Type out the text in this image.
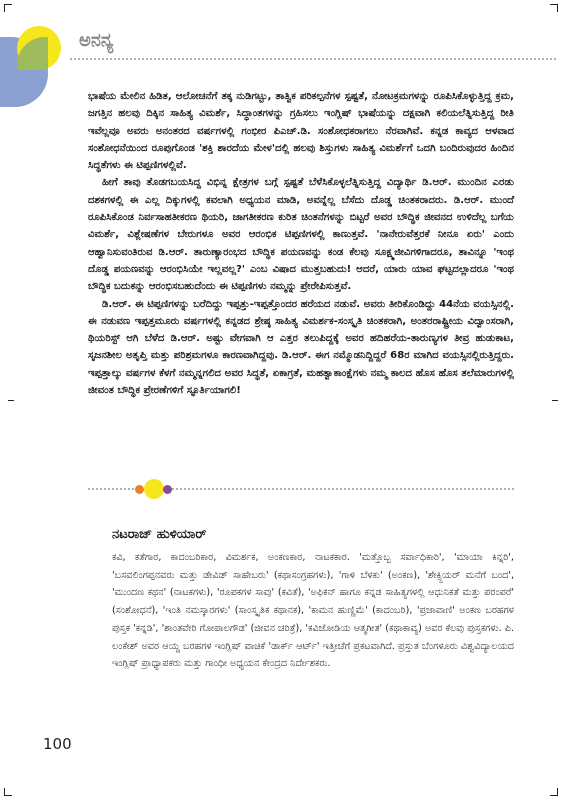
ಅನನ್ಯ

ಭಾಷೆಯ ಮೇಲಿನ ಹಿಡಿತ, ಆಲೋಚನೆಗೆ ತಕ್ಕ ನುಡಿಗಟ್ಟು, ತಾತ್ವಿಕ ಪರಿಕಲ್ಪನೆಗಳ ಸ್ಪಷ್ಟತೆ, ನೋಟಕ್ರಮಗಳನ್ನು ರೂಪಿಸಿಕೊಳ್ಳುತ್ತಿದ್ದ ಕ್ರಮ, ಜಗತ್ತಿನ ಹಲವು ದಿಕ್ಕಿನ ಸಾಹಿತ್ಯ ವಿಮರ್ಶೆ, ಸಿದ್ಧಾಂತಗಳನ್ನು ಗ್ರಹಿಸಲು ಇಂಗ್ಲಿಷ್ ಭಾಷೆಯನ್ನು ದಕ್ಷವಾಗಿ ಕಲಿಯಲೆತ್ನಿಸುತ್ತಿದ್ದ ರೀತಿ ಇವೆಲ್ಲವೂ ಅವರು ಅನಂತರದ ವರ್ಷಗಳಲ್ಲಿ ಗಂಭೀರ ಪಿಎಚ್.ಡಿ. ಸಂಶೋಧಕರಾಗಲು ನೆರವಾಗಿವೆ. ಕನ್ನಡ ಕಾವ್ಯದ ಆಳವಾದ ಸಂಶೋಧನೆಯಿಂದ ರೂಪುಗೊಂಡ 'ಶಕ್ತಿ ಶಾರದೆಯ ಮೇಳ'ದಲ್ಲಿ ಹಲವು ಶಿಸ್ತುಗಳು ಸಾಹಿತ್ಯ ವಿಮರ್ಶೆಗೆ ಒದಗಿ ಬಂದಿರುವುದರ ಹಿಂದಿನ ಸಿದ್ಧತೆಗಳು ಈ ಟಿಪ್ಪಣಿಗಳಲ್ಲಿವೆ.

ಹೀಗೆ ತಾವು ತೊಡಗಬಯಸಿದ್ದ ವಿಭಿನ್ನ ಕ್ಷೇತ್ರಗಳ ಬಗ್ಗೆ ಸ್ಪಷ್ಟತೆ ಬೆಳೆಸಿಕೊಳ್ಳಲೆತ್ನಿಸುತ್ತಿದ್ದ ವಿದ್ಯಾರ್ಥಿ ಡಿ.ಆರ್. ಮುಂದಿನ ಎರಡು ದಶಕಗಳಲ್ಲಿ ಈ ಎಲ್ಲ ದಿಕ್ಕುಗಳಲ್ಲಿ ಕವಲಾಗಿ ಅಧ್ಯಯನ ಮಾಡಿ, ಅವನ್ನೆಲ್ಲ ಬೆಸೆದು ದೊಡ್ಡ ಚಿಂತಕರಾದರು. ಡಿ.ಆರ್. ಮುಂದೆ ರೂಪಿಸಿಕೊಂಡ ನಿರ್ವಸಾಹತೀಕರಣ ಥಿಯರಿ, ಜಾಗತೀಕರಣ ಕುರಿತ ಚಿಂತನೆಗಳನ್ನು ಬಿಟ್ಟರೆ ಅವರ ಬೌದ್ಧಿಕ ಜೀವನದ ಉಳಿದೆಲ್ಲ ಬಗೆಯ ವಿಮರ್ಶೆ, ವಿಶ್ಲೇಷಣೆಗಳ ಬೇರುಗಳೂ ಅವರ ಆರಂಭಿಕ ಟಿಪ್ಪಣಿಗಳಲ್ಲಿ ಕಾಣುತ್ತವೆ. 'ನಾನೇರುವೆತ್ತರಕೆ ನೀನೂ ಏರು' ಎಂದು ಆಹ್ವಾನಿಸುವಂತಿರುವ ಡಿ.ಆರ್. ತಾರುಣ್ಯಾರಂಭದ ಬೌದ್ಧಿಕ ಪಯಣವನ್ನು ಕಂಡ ಕೆಲವು ಸೂಕ್ಷ್ಮಜೀವಿಗಳಿಗಾದರೂ, ತಾವಿನ್ನೂ 'ಇಂಥ ದೊಡ್ಡ ಪಯಣವನ್ನು ಆರಂಭಿಸಿಯೇ ಇಲ್ಲವಲ್ಲ?' ಎಂಬ ವಿಷಾದ ಮುತ್ತಬಹುದು! ಆದರೆ, ಯಾರು ಯಾವ ಘಟ್ಟದಲ್ಲಾದರೂ 'ಇಂಥ ಬೌದ್ಧಿಕ ಬದುಕನ್ನು ಆರಂಭಿಸಬಹುದೆಂದು ಈ ಟಿಪ್ಪಣಿಗಳು ನಮ್ಮನ್ನು ಪ್ರೇರೇಪಿಸುತ್ತವೆ.

ಡಿ.ಆರ್. ಈ ಟಿಪ್ಪಣಿಗಳನ್ನು ಬರೆದಿದ್ದು ಇಪ್ಪತ್ತು-ಇಪ್ಪತ್ತೊಂದರ ಹರೆಯದ ನಡುವೆ. ಅವರು ತೀರಿಕೊಂಡಿದ್ದು 44ನೆಯ ವಯಸ್ಸಿನಲ್ಲಿ. ಈ ನಡುವಣ ಇಪ್ಪತ್ತಮೂರು ವರ್ಷಗಳಲ್ಲಿ ಕನ್ನಡದ ಶ್ರೇಷ್ಠ ಸಾಹಿತ್ಯ ವಿಮರ್ಶಕ-ಸಂಸ್ಕೃತಿ ಚಿಂತಕರಾಗಿ, ಅಂತರರಾಷ್ಟ್ರೀಯ ವಿದ್ವಾಂಸರಾಗಿ, ಥಿಯರಿಸ್ಟ್ ಆಗಿ ಬೆಳೆದ ಡಿ.ಆರ್. ಅಷ್ಟು ವೇಗವಾಗಿ ಆ ಎತ್ತರ ತಲುಪಿದ್ದಕ್ಕೆ ಅವರ ಹದಿಹರೆಯ-ತಾರುಣ್ಯಗಳ ತೀವ್ರ ಹುಡುಕಾಟ, ಸೃಜನಶೀಲ ಅತೃಪ್ತಿ ಮತ್ತು ಪರಿಶ್ರಮಗಳೂ ಕಾರಣವಾಗಿದ್ದವು. ಡಿ.ಆರ್. ಈಗ ನಮ್ಮೊಡನಿದ್ದಿದ್ದರೆ 68ರ ಮಾಗಿದ ವಯಸ್ಸಿನಲ್ಲಿರುತ್ತಿದ್ದರು. ಇಪ್ಪತ್ತಾಲ್ಕು ವರ್ಷಗಳ ಕೆಳಗೆ ನಮ್ಮನ್ನಗಲಿದ ಅವರ ಸಿದ್ಧತೆ, ಏಕಾಗ್ರತೆ, ಮಹತ್ವಾಕಾಂಕ್ಷೆಗಳು ನಮ್ಮ ಕಾಲದ ಹೊಸ ಹೊಸ ತಲೆಮಾರುಗಳಲ್ಲಿ ಜೀವಂತ ಬೌದ್ಧಿಕ ಪ್ರೇರಣೆಗಳಿಗೆ ಸ್ಫೂರ್ತಿಯಾಗಲಿ!

ನಟರಾಜ್ ಹುಳಿಯಾರ್

ಕವಿ, ಕತೆಗಾರ, ಕಾದಂಬರಿಕಾರ, ವಿಮರ್ಶಕ, ಅಂಕಣಕಾರ, ನಾಟಕಕಾರ. 'ಮತ್ತೊಬ್ಬ ಸರ್ವಾಧಿಕಾರಿ', 'ಮಾಯಾ ಕಿನ್ನರಿ', 'ಬಸವಲಿಂಗಪ್ಪನವರು ಮತ್ತು ಡೇವಿಡ್ ಸಾಹೇಬರು' (ಕಥಾಸಂಗ್ರಹಗಳು), 'ಗಾಳಿ ಬೆಳಕು' (ಅಂಕಣ), 'ಶೇಕ್ಸ್ಪಿಯರ್ ಮನೆಗೆ ಬಂದ', 'ಮುಂದಣ ಕಥನ' (ನಾಟಕಗಳು), 'ರೂಪಕಗಳ ಸಾವು' (ಕವಿತೆ), 'ಅಫಿಕನ್ ಹಾಗೂ ಕನ್ನಡ ಸಾಹಿತ್ಯಗಳಲ್ಲಿ ಆಧುನಿಕತೆ ಮತ್ತು ಪರಂಪರೆ' (ಸಂಶೋಧನೆ), 'ಇಂತಿ ನಮಸ್ಕಾರಗಳು' (ಸಾಂಸ್ಕೃತಿಕ ಕಥಾನಕ), 'ಕಾಮನ ಹುಣ್ಣಿಮೆ' (ಕಾದಂಬರಿ), 'ಪ್ರಜಾವಾಣಿ' ಅಂಕಣ ಬರಹಗಳ ಪುಸ್ತಕ 'ಕನ್ನಡಿ', 'ಶಾಂತವೇರಿ ಗೋಪಾಲಗೌಡ' (ಜೀವನ ಚರಿತ್ರೆ), 'ಕವಿಜೋಡಿಯ ಆತ್ಮಗೀತ' (ಕಥಾಕಾವ್ಯ) ಅವರ ಕೆಲವು ಪುಸ್ತಕಗಳು. ಪಿ. ಲಂಕೇಶ್ ಅವರ ಆಯ್ದ ಬರಹಗಳ ಇಂಗ್ಲಿಷ್ ವಾಚಿಕೆ 'ಡಾರ್ಕ್ ಆರ್ಟ್' ಇತ್ತೀಚೆಗೆ ಪ್ರಕಟವಾಗಿದೆ. ಪ್ರಸ್ತುತ ಬೆಂಗಳೂರು ವಿಶ್ವವಿದ್ಯಾಲಯದ ಇಂಗ್ಲಿಷ್ ಪ್ರಾಧ್ಯಾಪಕರು ಮತ್ತು ಗಾಂಧೀ ಅಧ್ಯಯನ ಕೇಂದ್ರದ ನಿರ್ದೇಶಕರು.

100
